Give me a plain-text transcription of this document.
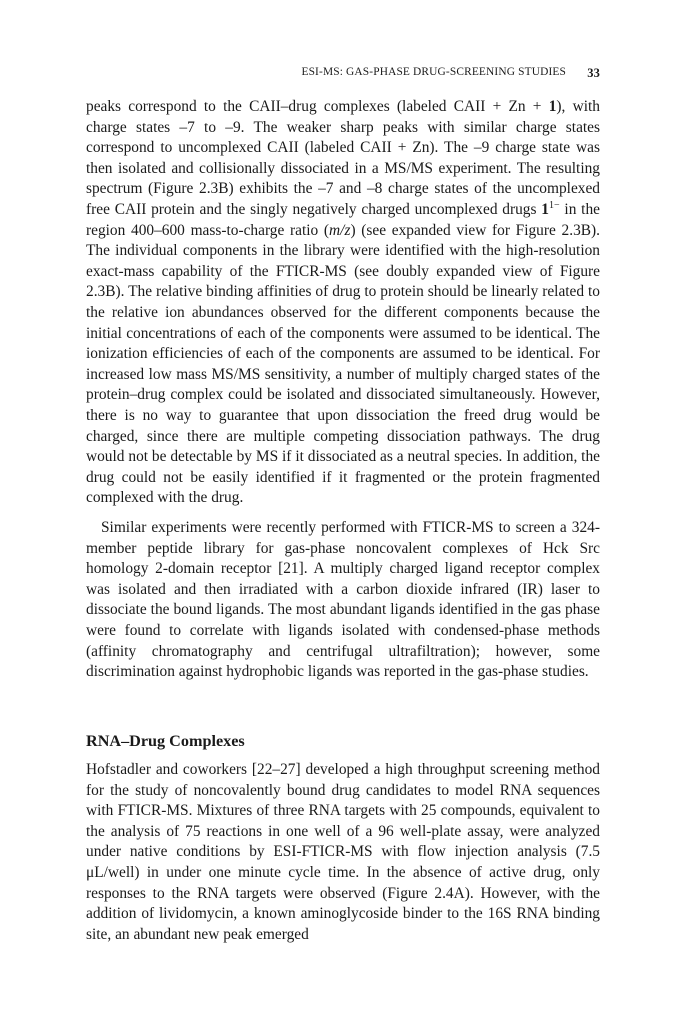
ESI-MS: GAS-PHASE DRUG-SCREENING STUDIES 33

peaks correspond to the CAII–drug complexes (labeled CAII + Zn + 1), with charge states –7 to –9. The weaker sharp peaks with similar charge states correspond to uncomplexed CAII (labeled CAII + Zn). The –9 charge state was then isolated and collisionally dissociated in a MS/MS experiment. The resulting spectrum (Figure 2.3B) exhibits the –7 and –8 charge states of the uncomplexed free CAII protein and the singly negatively charged uncomplexed drugs $1^{1-}$ in the region 400–600 mass-to-charge ratio (m/z) (see expanded view for Figure 2.3B). The individual components in the library were identified with the high-resolution exact-mass capability of the FTICR-MS (see doubly expanded view of Figure 2.3B). The relative binding affinities of drug to protein should be linearly related to the relative ion abundances observed for the different components because the initial concentrations of each of the components were assumed to be identical. The ionization efficiencies of each of the components are assumed to be identical. For increased low mass MS/MS sensitivity, a number of multiply charged states of the protein–drug complex could be isolated and dissociated simultaneously. However, there is no way to guarantee that upon dissociation the freed drug would be charged, since there are multiple competing dissociation pathways. The drug would not be detectable by MS if it dissociated as a neutral species. In addition, the drug could not be easily identified if it fragmented or the protein fragmented complexed with the drug.

Similar experiments were recently performed with FTICR-MS to screen a 324-member peptide library for gas-phase noncovalent complexes of Hck Src homology 2-domain receptor [21]. A multiply charged ligand receptor complex was isolated and then irradiated with a carbon dioxide infrared (IR) laser to dissociate the bound ligands. The most abundant ligands identified in the gas phase were found to correlate with ligands isolated with condensed-phase methods (affinity chromatography and centrifugal ultrafiltration); however, some discrimination against hydrophobic ligands was reported in the gas-phase studies.

RNA–Drug Complexes

Hofstadler and coworkers [22–27] developed a high throughput screening method for the study of noncovalently bound drug candidates to model RNA sequences with FTICR-MS. Mixtures of three RNA targets with 25 compounds, equivalent to the analysis of 75 reactions in one well of a 96 well-plate assay, were analyzed under native conditions by ESI-FTICR-MS with flow injection analysis (7.5 μL/well) in under one minute cycle time. In the absence of active drug, only responses to the RNA targets were observed (Figure 2.4A). However, with the addition of lividomycin, a known aminoglycoside binder to the 16S RNA binding site, an abundant new peak emerged
